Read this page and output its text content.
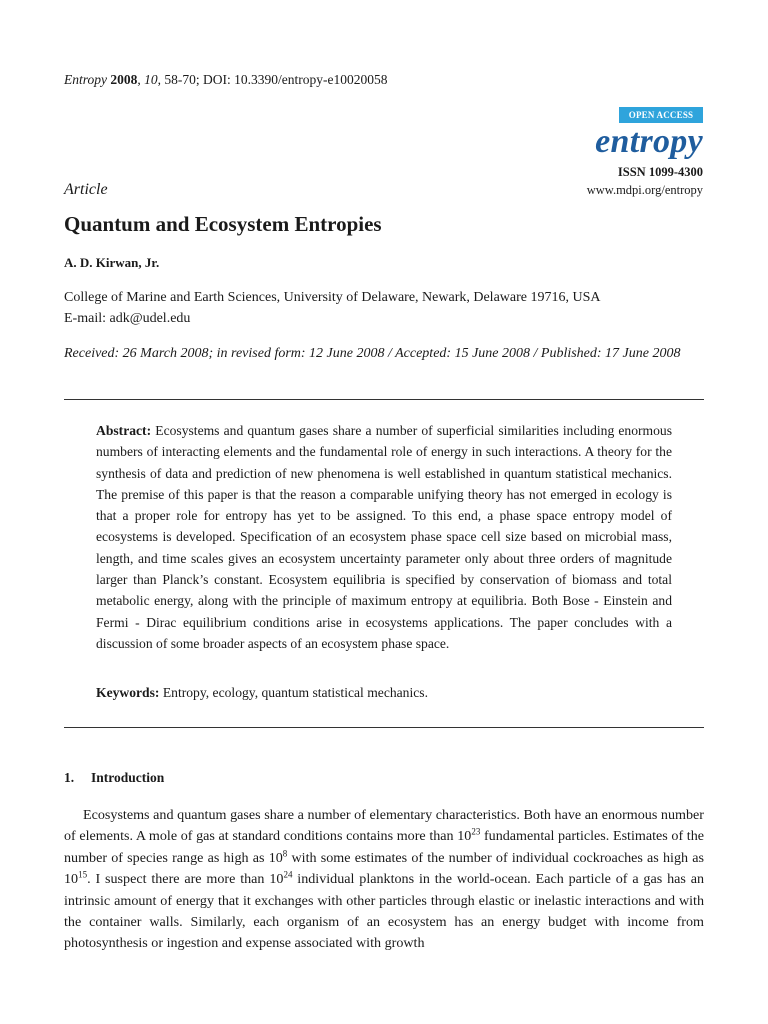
Entropy 2008, 10, 58-70; DOI: 10.3390/entropy-e10020058
OPEN ACCESS
entropy
ISSN 1099-4300
www.mdpi.org/entropy
Article
Quantum and Ecosystem Entropies
A. D. Kirwan, Jr.
College of Marine and Earth Sciences, University of Delaware, Newark, Delaware 19716, USA
E-mail: adk@udel.edu
Received: 26 March 2008; in revised form: 12 June 2008 / Accepted: 15 June 2008 / Published: 17 June 2008
Abstract: Ecosystems and quantum gases share a number of superficial similarities including enormous numbers of interacting elements and the fundamental role of energy in such interactions. A theory for the synthesis of data and prediction of new phenomena is well established in quantum statistical mechanics. The premise of this paper is that the reason a comparable unifying theory has not emerged in ecology is that a proper role for entropy has yet to be assigned. To this end, a phase space entropy model of ecosystems is developed. Specification of an ecosystem phase space cell size based on microbial mass, length, and time scales gives an ecosystem uncertainty parameter only about three orders of magnitude larger than Planck’s constant. Ecosystem equilibria is specified by conservation of biomass and total metabolic energy, along with the principle of maximum entropy at equilibria. Both Bose - Einstein and Fermi - Dirac equilibrium conditions arise in ecosystems applications. The paper concludes with a discussion of some broader aspects of an ecosystem phase space.
Keywords: Entropy, ecology, quantum statistical mechanics.
1. Introduction

Ecosystems and quantum gases share a number of elementary characteristics. Both have an enormous number of elements. A mole of gas at standard conditions contains more than $10^{23}$ fundamental particles. Estimates of the number of species range as high as $10^8$ with some estimates of the number of individual cockroaches as high as $10^{15}$. I suspect there are more than $10^{24}$ individual planktons in the world-ocean. Each particle of a gas has an intrinsic amount of energy that it exchanges with other particles through elastic or inelastic interactions and with the container walls. Similarly, each organism of an ecosystem has an energy budget with income from photosynthesis or ingestion and expense associated with growth
